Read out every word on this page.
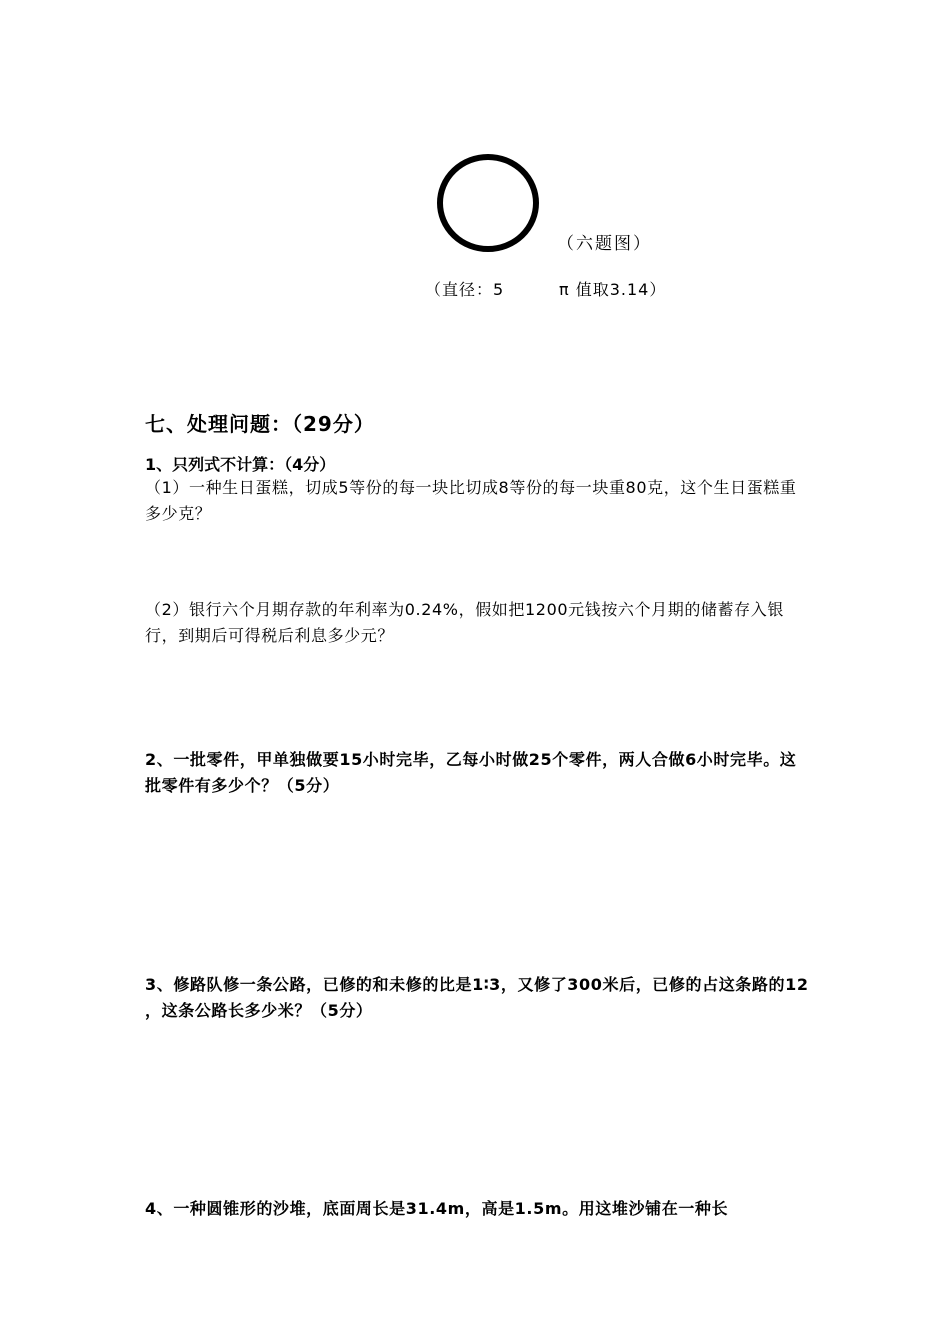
（六题图）
（直径：5	π 值取3.14）
七、处理问题：（29分）
1、只列式不计算：（4分）
（1）一种生日蛋糕，切成5等份的每一块比切成8等份的每一块重80克，这个生日蛋糕重多少克？
（2）银行六个月期存款的年利率为0.24%，假如把1200元钱按六个月期的储蓄存入银行，到期后可得税后利息多少元？
2、一批零件，甲单独做要15小时完毕，乙每小时做25个零件，两人合做6小时完毕。这批零件有多少个？（5分）
3、修路队修一条公路，已修的和未修的比是1∶3，又修了300米后，已修的占这条路的12 ，这条公路长多少米？（5分）
4、一种圆锥形的沙堆，底面周长是31.4m，高是1.5m。用这堆沙铺在一种长
